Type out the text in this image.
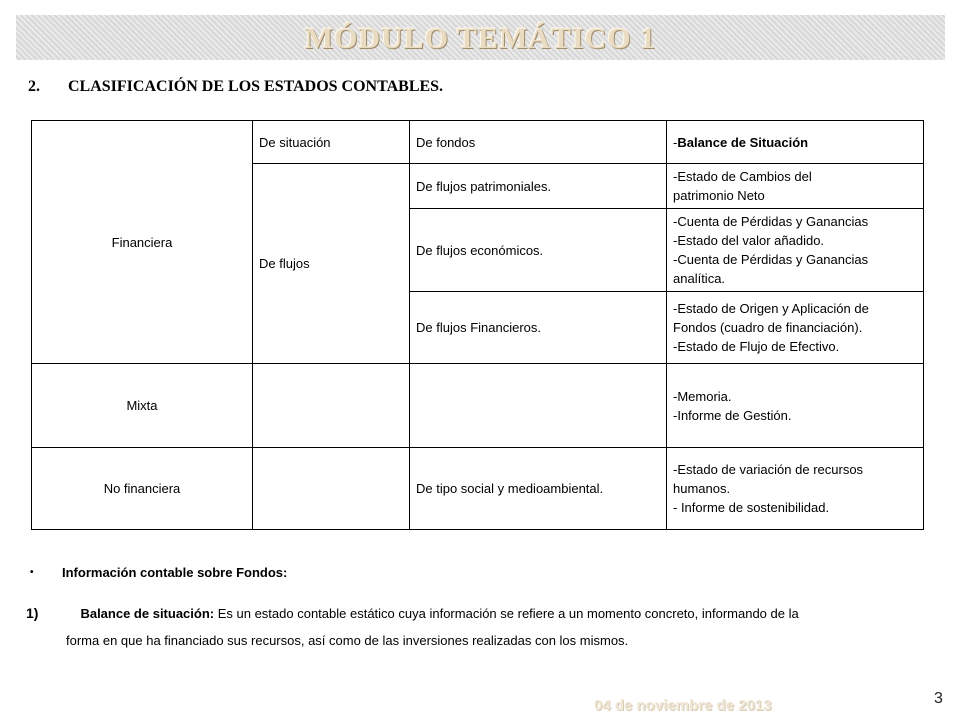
MÓDULO TEMÁTICO 1
2.	CLASIFICACIÓN DE LOS ESTADOS CONTABLES.
Financiera	De situación	De fondos	-Balance de Situación
	De flujos	De flujos patrimoniales.	-Estado de Cambios del
patrimonio Neto

		De flujos económicos.	-Cuenta de Pérdidas y Ganancias
-Estado del valor añadido.
-Cuenta de Pérdidas y Ganancias
analítica.

		De flujos Financieros.	-Estado de Origen y Aplicación de
Fondos (cuadro de financiación).
-Estado de Flujo de Efectivo.

Mixta			-Memoria.
-Informe de Gestión.

No financiera		De tipo social y medioambiental.	-Estado de variación de recursos
humanos.
- Informe de sostenibilidad.
•	Información contable sobre Fondos:
1)	Balance de situación: Es un estado contable estático cuya información se refiere a un momento concreto, informando de la
forma en que ha financiado sus recursos, así como de las inversiones realizadas con los mismos.
04 de noviembre de 2013	3
